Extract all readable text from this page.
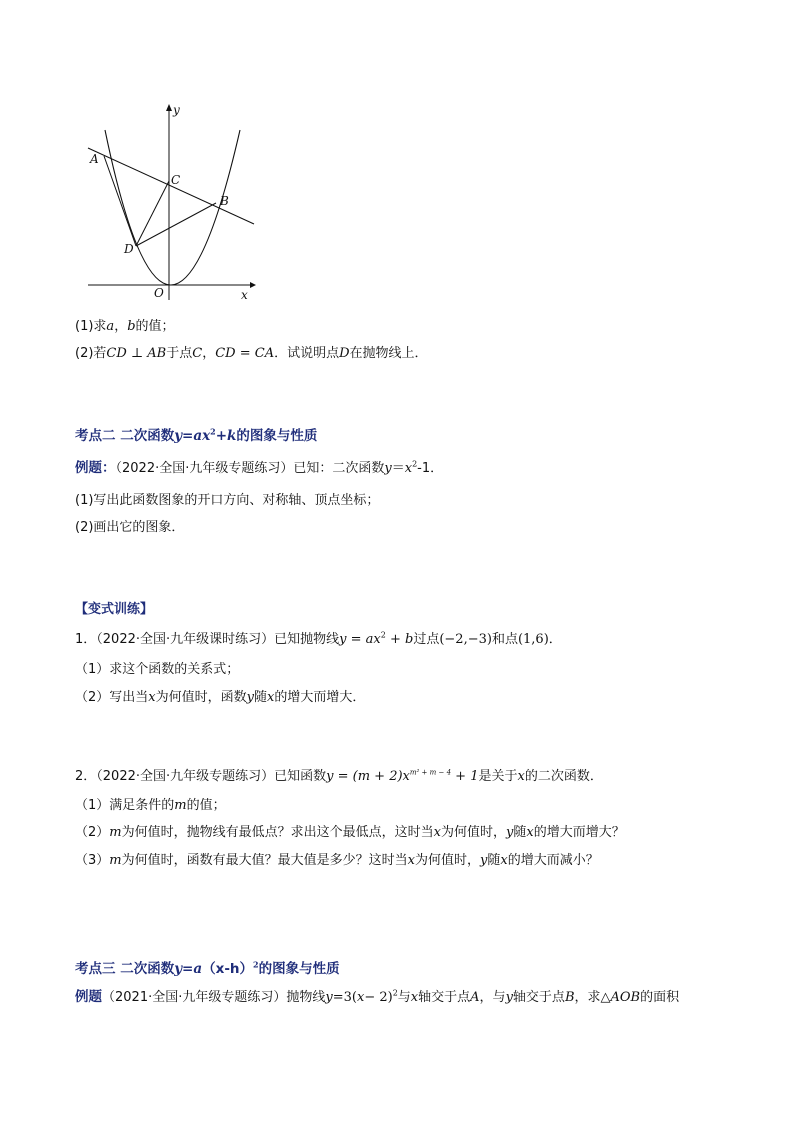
y
x
A
B
C
D
O
(1)求a，b的值；
(2)若CD ⊥ AB于点C，CD = CA．试说明点D在抛物线上．
考点二 二次函数$y=ax^2+k$的图象与性质
例题：（2022·全国·九年级专题练习）已知：二次函数$y=x^2-1$．
(1)写出此函数图象的开口方向、对称轴、顶点坐标；
(2)画出它的图象．
【变式训练】
1．（2022·全国·九年级课时练习）已知抛物线$y = ax^2 + b$过点(−2,−3)和点(1,6)．
（1）求这个函数的关系式；
（2）写出当x为何值时，函数y随x的增大而增大．
2．（2022·全国·九年级专题练习）已知函数$y = (m + 2)x^{m^2 + m - 4} + 1$是关于x的二次函数．
（1）满足条件的m的值；
（2）m为何值时，抛物线有最低点？求出这个最低点，这时当x为何值时，y随x的增大而增大？
（3）m为何值时，函数有最大值？最大值是多少？这时当x为何值时，y随x的增大而减小？
考点三 二次函数$y=a(x-h)^2$的图象与性质
例题（2021·全国·九年级专题练习）抛物线$y=3(x- 2)^2$与x轴交于点A，与y轴交于点B，求△AOB的面积
